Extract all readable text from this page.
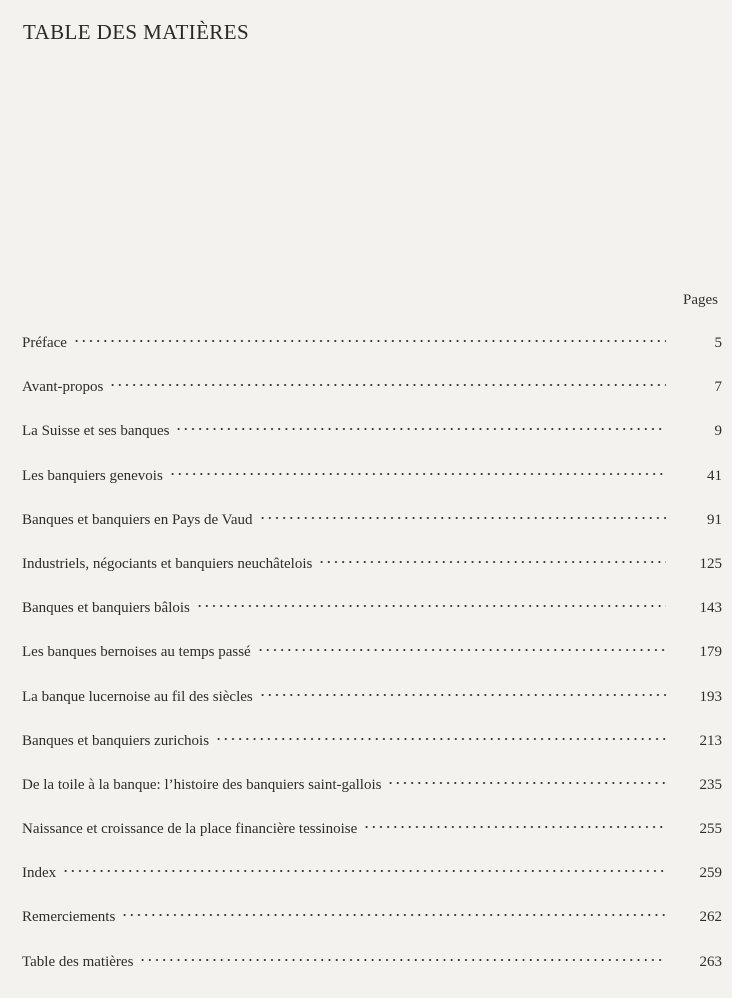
TABLE DES MATIÈRES
Pages
Préface	5
Avant-propos	7
La Suisse et ses banques	9
Les banquiers genevois	41
Banques et banquiers en Pays de Vaud	91
Industriels, négociants et banquiers neuchâtelois	125
Banques et banquiers bâlois	143
Les banques bernoises au temps passé	179
La banque lucernoise au fil des siècles	193
Banques et banquiers zurichois	213
De la toile à la banque: l’histoire des banquiers saint-gallois	235
Naissance et croissance de la place financière tessinoise	255
Index	259
Remerciements	262
Table des matières	263
